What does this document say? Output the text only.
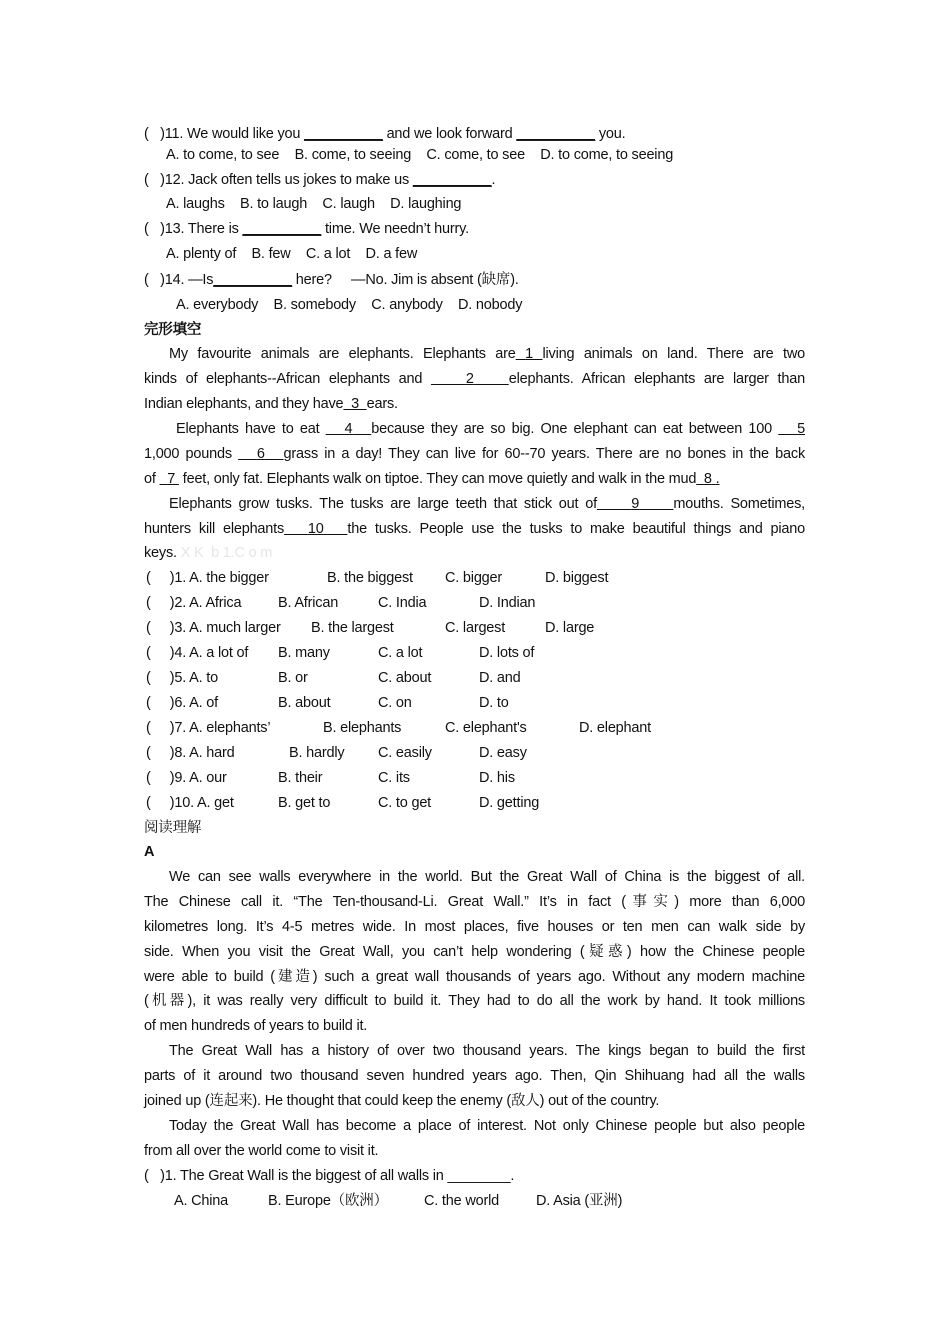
(   )11. We would like you __________ and we look forward __________ you.
A. to come, to see    B. come, to seeing    C. come, to see    D. to come, to seeing
(   )12. Jack often tells us jokes to make us __________.
A. laughs    B. to laugh    C. laugh    D. laughing
(   )13. There is __________ time. We needn’t hurry.
A. plenty of    B. few    C. a lot    D. a few
(   )14. —Is__________ here?     —No. Jim is absent (缺席).
A. everybody    B. somebody    C. anybody    D. nobody
完形填空
My favourite animals are elephants. Elephants are 1 living animals on land. There are two
kinds of elephants--African elephants and     2 elephants. African elephants are larger than
Indian elephants, and they have 3 ears.
Elephants have to eat    4 because they are so big. One elephant can eat between 100    5
1,000 pounds    6 grass in a day! They can live for 60--70 years. There are no bones in the back
of   7  feet, only fat. Elephants walk on tiptoe. They can move quietly and walk in the mud 8 .
Elephants grow tusks. The tusks are large teeth that stick out of 9 mouths. Sometimes,
hunters kill elephants 10 the tusks. People use the tusks to make beautiful things and piano
keys. X K  b 1.C o m
(     )1. A. the bigger	B. the biggest C. bigger	D. biggest
(     )2. A. Africa	B. African	C. India	D. Indian
(     )3. A. much larger B. the largest	C. largest	D. large
(     )4. A. a lot of B. many	C. a lot	D. lots of
(     )5. A. to	B. or	C. about	D. and
(     )6. A. of	B. about	C. on	D. to
(     )7. A. elephants’	B. elephants	C. elephant's	D. elephant
(     )8. A. hard	B. hardly C. easily	D. easy
(     )9. A. our	B. their	C. its	D. his
(     )10. A. get	B. get to	C. to get	D. getting
阅读理解
A
We can see walls everywhere in the world. But the Great Wall of China is the biggest of all.
The Chinese call it. “The Ten-thousand-Li. Great Wall.” It’s in fact (事实) more than 6,000
kilometres long. It’s 4-5 metres wide. In most places, five houses or ten men can walk side by
side. When you visit the Great Wall, you can’t help wondering (疑惑) how the Chinese people
were able to build (建造) such a great wall thousands of years ago. Without any modern machine
(机器), it was really very difficult to build it. They had to do all the work by hand. It took millions
of men hundreds of years to build it.
The Great Wall has a history of over two thousand years. The kings began to build the first
parts of it around two thousand seven hundred years ago. Then, Qin Shihuang had all the walls
joined up (连起来). He thought that could keep the enemy (敌人) out of the country.
Today the Great Wall has become a place of interest. Not only Chinese people but also people
from all over the world come to visit it.
(   )1. The Great Wall is the biggest of all walls in ________.
A. China	B. Europe（欧洲） C. the world	D. Asia (亚洲)
